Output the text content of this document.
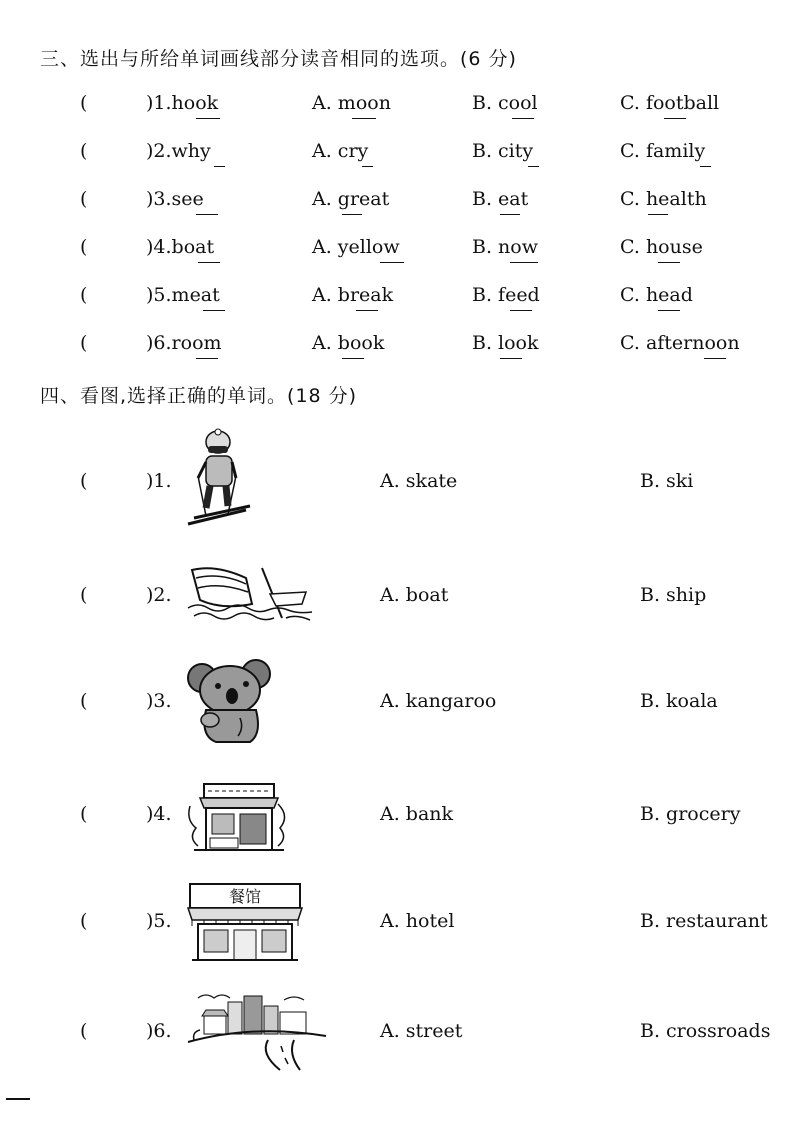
三、选出与所给单词画线部分读音相同的选项。(6 分)
(	)1.hook	A. moon	B. cool	C. football
(	)2.why	A. cry	B. city	C. family
(	)3.see	A. great	B. eat	C. health
(	)4.boat	A. yellow	B. now	C. house
(	)5.meat	A. break	B. feed	C. head
(	)6.room	A. book	B. look	C. afternoon
四、看图,选择正确的单词。(18 分)
(	)1.	A. skate	B. ski
(	)2.	A. boat	B. ship
(	)3.	A. kangaroo	B. koala
(	)4.	A. bank	B. grocery
(	)5.	A. hotel	B. restaurant
餐馆
(	)6.	A. street	B. crossroads
